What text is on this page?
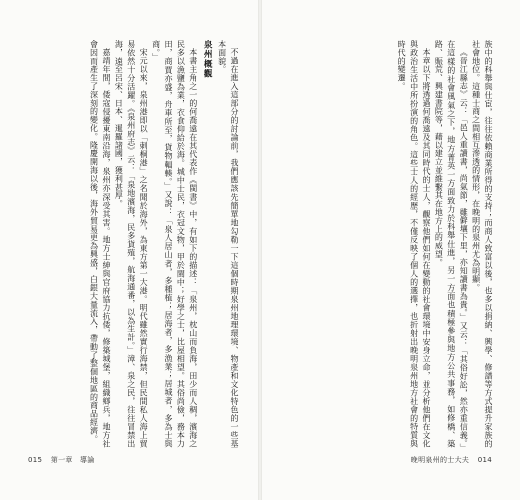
不過在進入這部分的討論前，我們應該先簡單地勾勒一下這個時期泉州地理環境、物產和文化特色的一些基本面貌。

泉州概觀

本書主角之一的何喬遠在其代表作《閩書》中，有如下的描述：「泉州，枕山而負海，田少而人稠，濱海之民多以漁鹽為業，衣食仰給於海。城中士民，衣冠文物，甲於閩中；好學之士，比屋相望。其俗尚儉，務本力田，商賈亦盛，舟車所至，貨物輻輳。」又說：「泉人居山者，多種植；居海者，多漁業；居城者，多為士與商。」

宋元以來，泉州港即以「刺桐港」之名聞於海外，為東方第一大港。明代雖然實行海禁，但民間私人海上貿易依然十分活躍。《泉州府志》云：「泉地濱海，民多貨殖，航海通番，以為生計。」漳、泉之民，往往冒禁出海，遠至呂宋、日本、暹羅諸國，獲利甚厚。

嘉靖年間，倭寇侵擾東南沿海，泉州亦深受其害。地方士紳與官府協力抗倭，修築城堡，組織鄉兵，地方社會因而產生了深刻的變化。隆慶開海以後，海外貿易更為興盛，白銀大量流入，帶動了整個地區的商品經濟。

015 第一章　導論

族中的科舉與仕宦，往往依賴商業所得的支持；而商人致富以後，也多以捐納、興學、修譜等方式提升家族的社會地位。這種士商之間相互滲透的情形，在晚明的泉州尤為明顯。

《晉江縣志》云：「邑人重讀書，尚氣節，雖僻壤下里，亦知讀書為貴。」又云：「其俗好訟，然亦重信義。」在這樣的社會風氣之下，地方菁英一方面致力於科舉仕進，另一方面也積極參與地方公共事務，如修橋、築路、賑荒、興建書院等，藉以建立並維繫其在地方上的威望。

本章以下將透過何喬遠及其同時代的士人，觀察他們如何在變動的社會環境中安身立命，並分析他們在文化與政治生活中所扮演的角色。這些士人的經歷，不僅反映了個人的選擇，也折射出晚明泉州地方社會的特質與時代的變遷。

晚明泉州的士大夫 014
